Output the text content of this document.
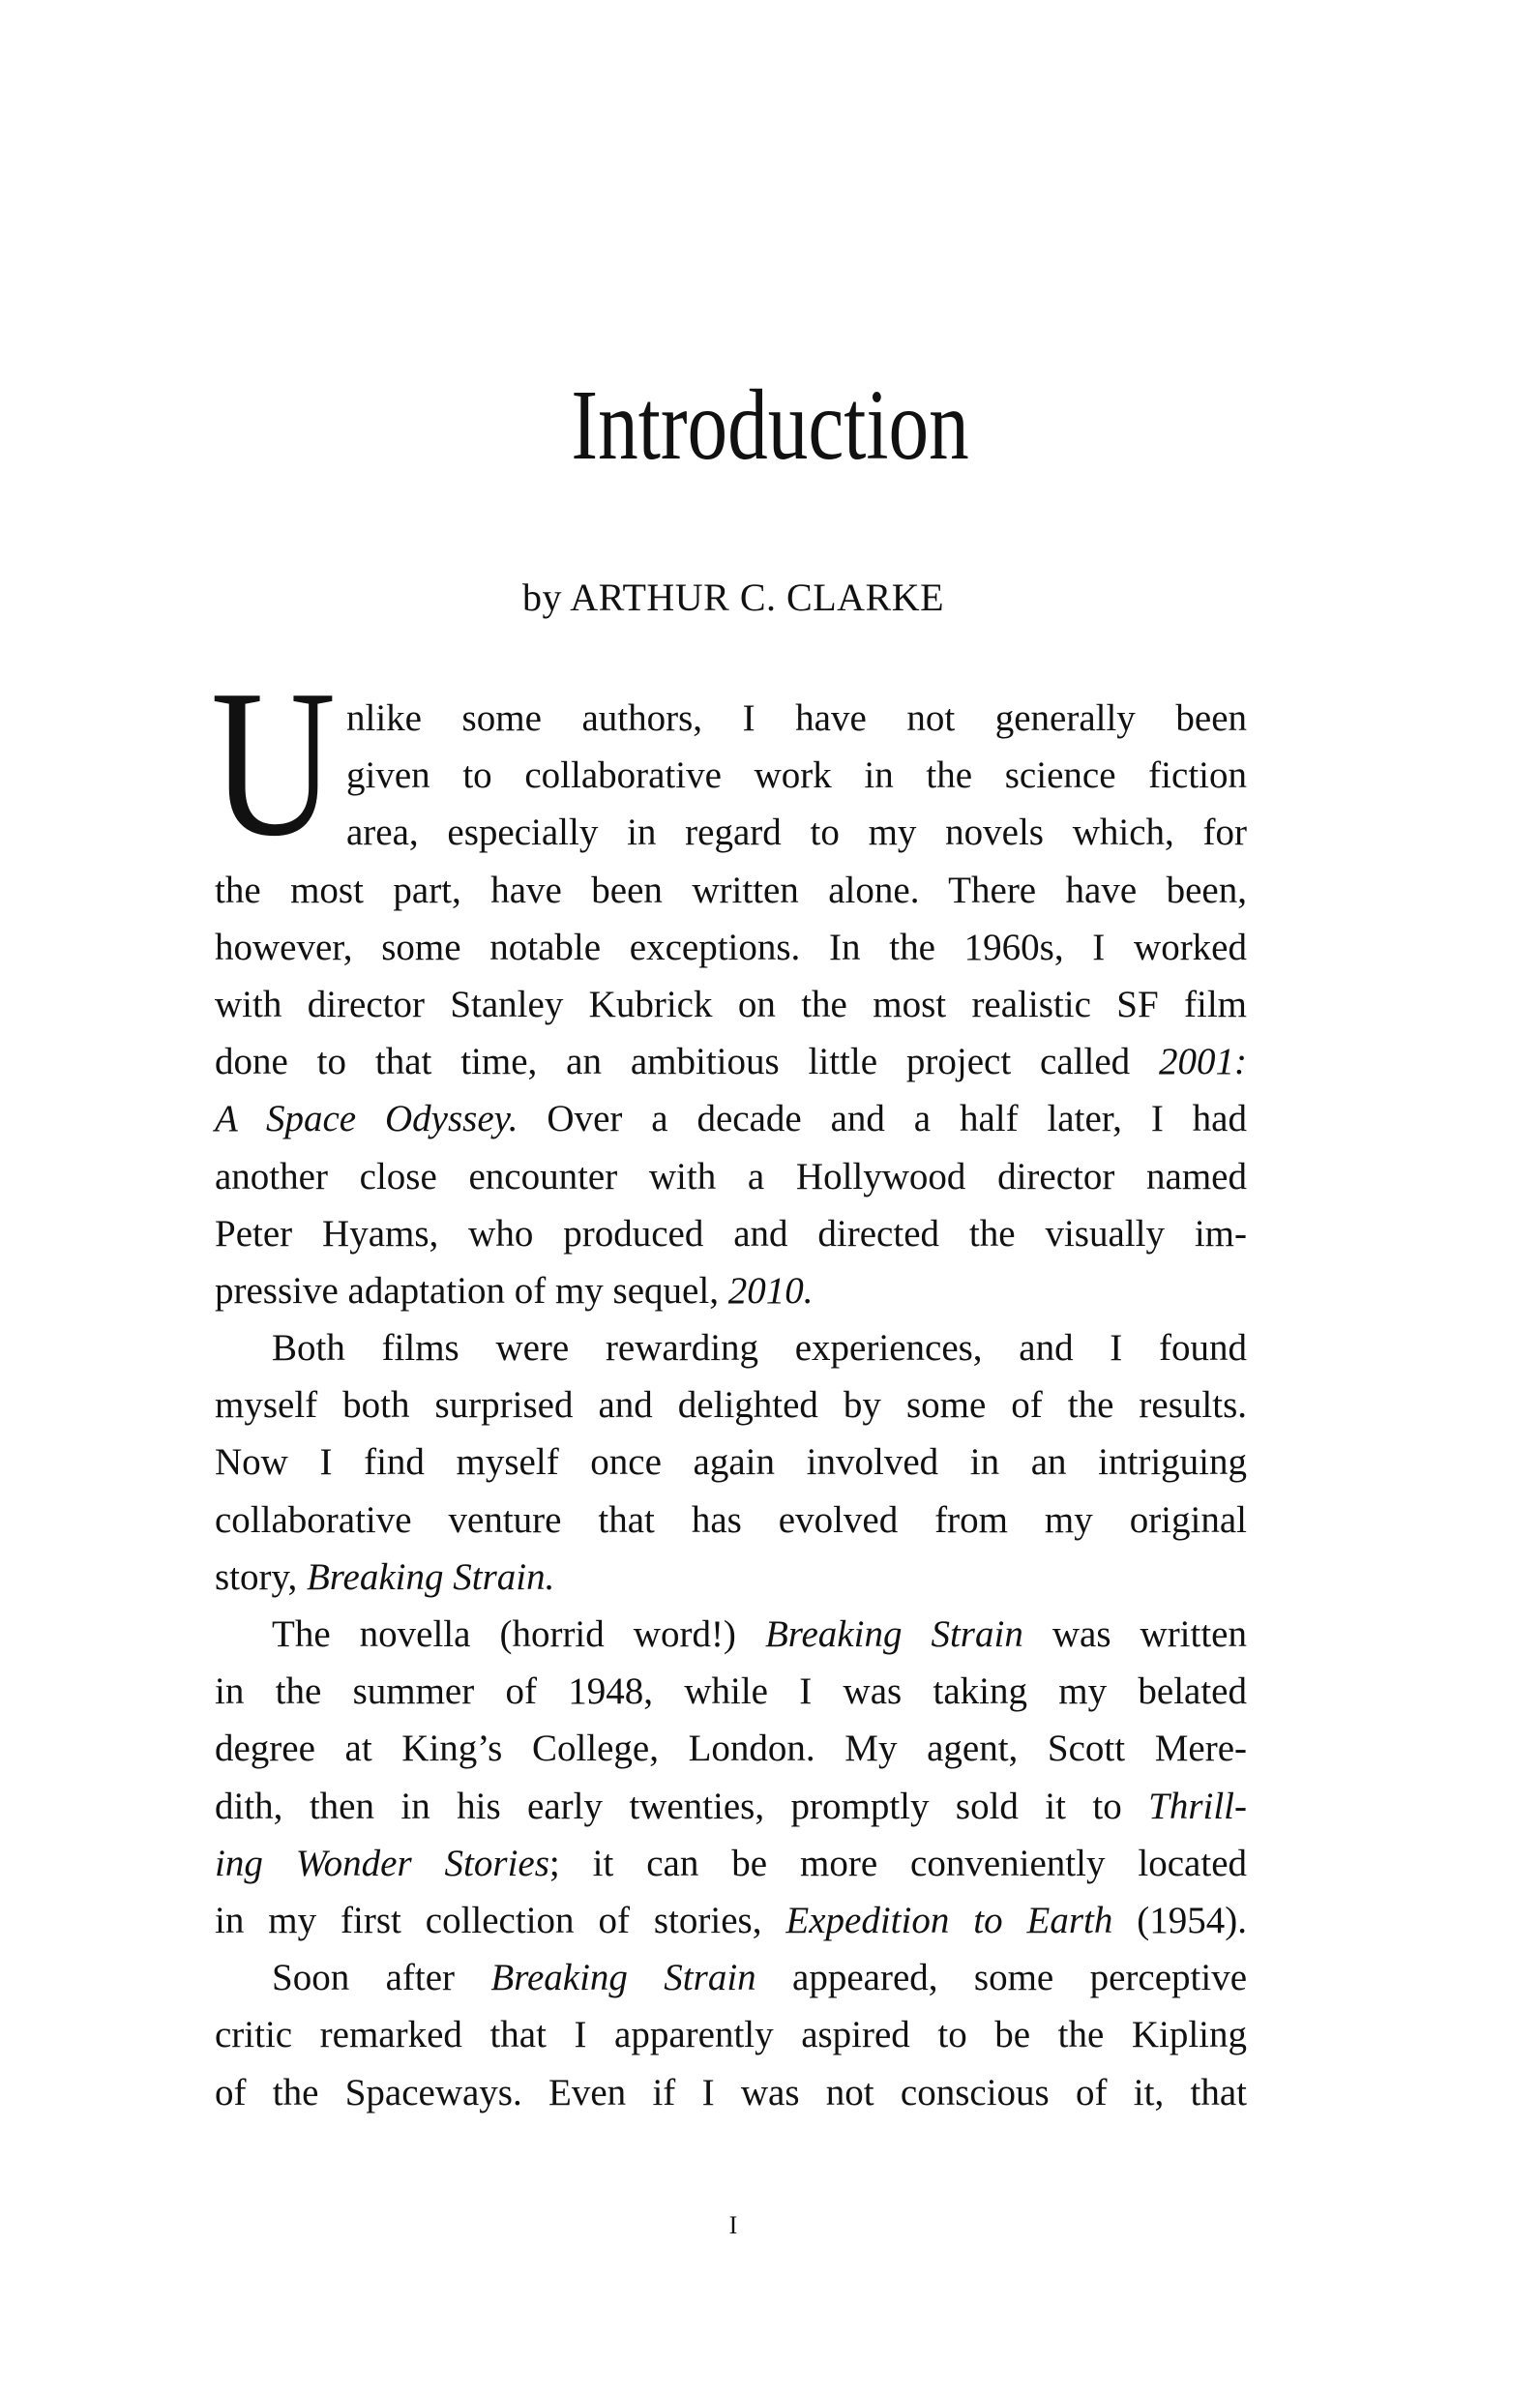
Introduction
by ARTHUR C. CLARKE
U nlike some authors, I have not generally been
given to collaborative work in the science fiction
area, especially in regard to my novels which, for
the most part, have been written alone. There have been,
however, some notable exceptions. In the 1960s, I worked
with director Stanley Kubrick on the most realistic SF film
done to that time, an ambitious little project called 2001:
A Space Odyssey. Over a decade and a half later, I had
another close encounter with a Hollywood director named
Peter Hyams, who produced and directed the visually im-
pressive adaptation of my sequel, 2010.
Both films were rewarding experiences, and I found
myself both surprised and delighted by some of the results.
Now I find myself once again involved in an intriguing
collaborative venture that has evolved from my original
story, Breaking Strain.
The novella (horrid word!) Breaking Strain was written
in the summer of 1948, while I was taking my belated
degree at King’s College, London. My agent, Scott Mere-
dith, then in his early twenties, promptly sold it to Thrill-
ing Wonder Stories; it can be more conveniently located
in my first collection of stories, Expedition to Earth (1954).
Soon after Breaking Strain appeared, some perceptive
critic remarked that I apparently aspired to be the Kipling
of the Spaceways. Even if I was not conscious of it, that
I
